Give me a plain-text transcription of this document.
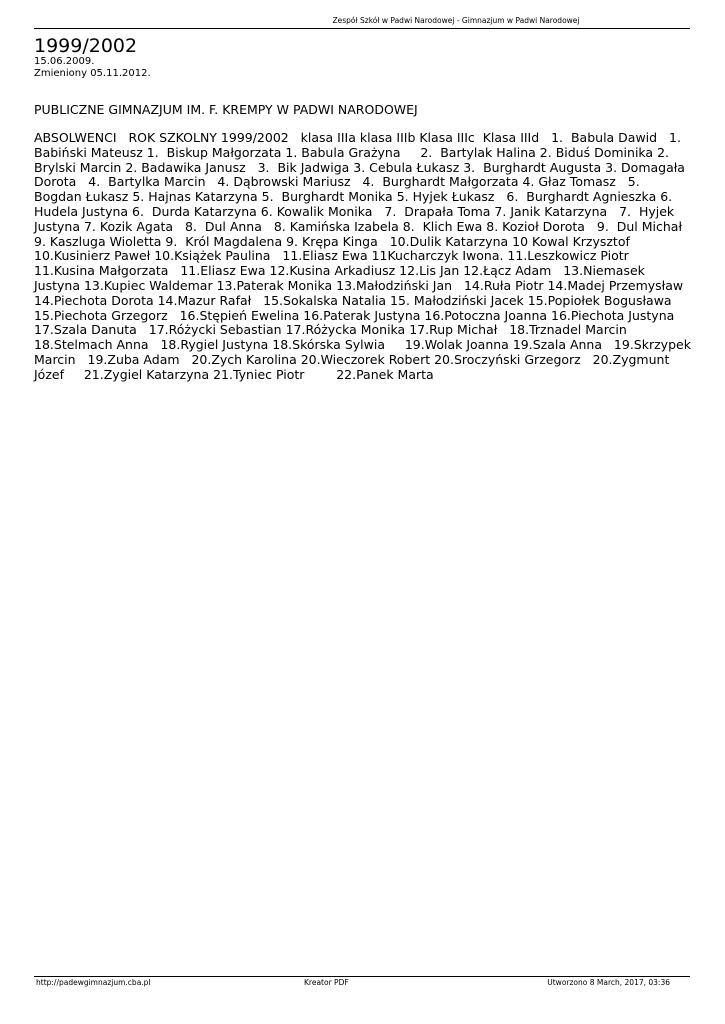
Zespół Szkół w Padwi Narodowej - Gimnazjum w Padwi Narodowej
1999/2002
15.06.2009.
Zmieniony 05.11.2012.
PUBLICZNE GIMNAZJUM IM. F. KREMPY W PADWI NARODOWEJ
ABSOLWENCI   ROK SZKOLNY 1999/2002   klasa IIIa klasa IIIb Klasa IIIc  Klasa IIId   1.  Babula Dawid   1. Babiński Mateusz 1.  Biskup Małgorzata 1. Babula Grażyna     2.  Bartylak Halina 2. Biduś Dominika 2.  Brylski Marcin 2. Badawika Janusz   3.  Bik Jadwiga 3. Cebula Łukasz 3.  Burghardt Augusta 3. Domagała Dorota   4.  Bartylka Marcin   4. Dąbrowski Mariusz   4.  Burghardt Małgorzata 4. Głaz Tomasz   5.  Bogdan Łukasz 5. Hajnas Katarzyna 5.  Burghardt Monika 5. Hyjek Łukasz   6.  Burghardt Agnieszka 6.  Hudela Justyna 6.  Durda Katarzyna 6. Kowalik Monika   7.  Drapała Toma 7. Janik Katarzyna   7.  Hyjek Justyna 7. Kozik Agata   8.  Dul Anna   8. Kamińska Izabela 8.  Klich Ewa 8. Kozioł Dorota   9.  Dul Michał   9. Kaszluga Wioletta 9.  Król Magdalena 9. Krępa Kinga   10.Dulik Katarzyna 10 Kowal Krzysztof 10.Kusinierz Paweł 10.Książek Paulina   11.Eliasz Ewa 11Kucharczyk Iwona. 11.Leszkowicz Piotr   11.Kusina Małgorzata   11.Eliasz Ewa 12.Kusina Arkadiusz 12.Lis Jan 12.Łącz Adam   13.Niemasek Justyna 13.Kupiec Waldemar 13.Paterak Monika 13.Małodziński Jan   14.Ruła Piotr 14.Madej Przemysław    14.Piechota Dorota 14.Mazur Rafał   15.Sokalska Natalia 15. Małodziński Jacek 15.Popiołek Bogusława   15.Piechota Grzegorz   16.Stępień Ewelina 16.Paterak Justyna 16.Potoczna Joanna 16.Piechota Justyna    17.Szala Danuta   17.Różycki Sebastian 17.Różycka Monika 17.Rup Michał   18.Trznadel Marcin   18.Stelmach Anna   18.Rygiel Justyna 18.Skórska Sylwia     19.Wolak Joanna 19.Szala Anna   19.Skrzypek Marcin   19.Zuba Adam   20.Zych Karolina 20.Wieczorek Robert 20.Sroczyński Grzegorz   20.Zygmunt Józef     21.Zygiel Katarzyna 21.Tyniec Piotr        22.Panek Marta
http://padewgimnazjum.cba.pl	Kreator PDF	Utworzono 8 March, 2017, 03:36
